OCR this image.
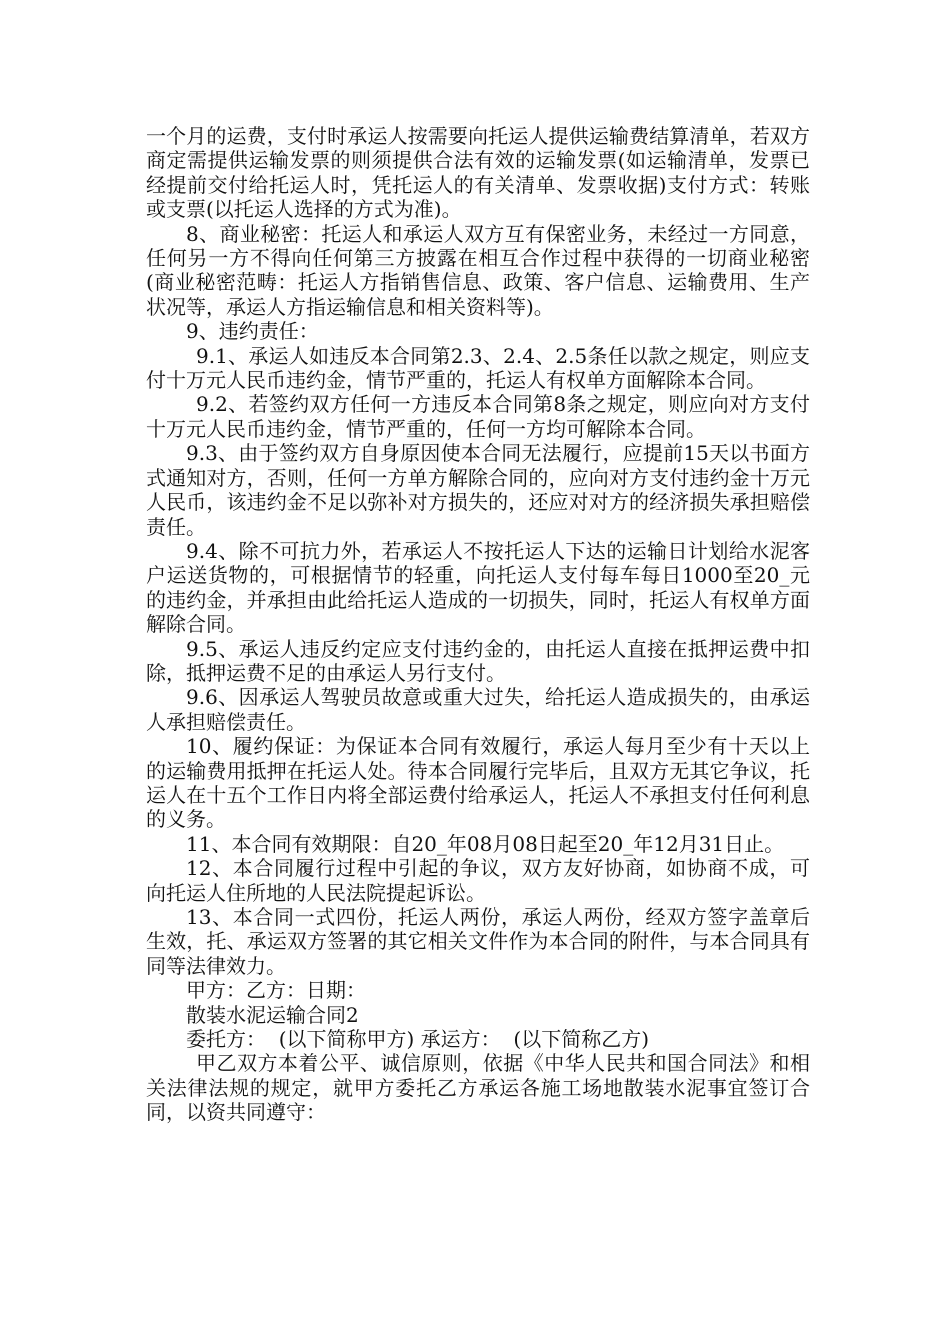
一个月的运费，支付时承运人按需要向托运人提供运输费结算清单，若双方商定需提供运输发票的则须提供合法有效的运输发票(如运输清单，发票已经提前交付给托运人时，凭托运人的有关清单、发票收据)支付方式：转账或支票(以托运人选择的方式为准)。

8、商业秘密：托运人和承运人双方互有保密业务，未经过一方同意，任何另一方不得向任何第三方披露在相互合作过程中获得的一切商业秘密(商业秘密范畴：托运人方指销售信息、政策、客户信息、运输费用、生产状况等，承运人方指运输信息和相关资料等)。

9、违约责任：

9.1、承运人如违反本合同第2.3、2.4、2.5条任以款之规定，则应支付十万元人民币违约金，情节严重的，托运人有权单方面解除本合同。

9.2、若签约双方任何一方违反本合同第8条之规定，则应向对方支付十万元人民币违约金，情节严重的，任何一方均可解除本合同。

9.3、由于签约双方自身原因使本合同无法履行，应提前15天以书面方式通知对方，否则，任何一方单方解除合同的，应向对方支付违约金十万元人民币，该违约金不足以弥补对方损失的，还应对对方的经济损失承担赔偿责任。

9.4、除不可抗力外，若承运人不按托运人下达的运输日计划给水泥客户运送货物的，可根据情节的轻重，向托运人支付每车每日1000至20_元的违约金，并承担由此给托运人造成的一切损失，同时，托运人有权单方面解除合同。

9.5、承运人违反约定应支付违约金的，由托运人直接在抵押运费中扣除，抵押运费不足的由承运人另行支付。

9.6、因承运人驾驶员故意或重大过失，给托运人造成损失的，由承运人承担赔偿责任。

10、履约保证：为保证本合同有效履行，承运人每月至少有十天以上的运输费用抵押在托运人处。待本合同履行完毕后，且双方无其它争议，托运人在十五个工作日内将全部运费付给承运人，托运人不承担支付任何利息的义务。

11、本合同有效期限：自20_年08月08日起至20_年12月31日止。

12、本合同履行过程中引起的争议，双方友好协商，如协商不成，可向托运人住所地的人民法院提起诉讼。

13、本合同一式四份，托运人两份，承运人两份，经双方签字盖章后生效，托、承运双方签署的其它相关文件作为本合同的附件，与本合同具有同等法律效力。

甲方：乙方：日期：

散装水泥运输合同2

委托方：  (以下简称甲方) 承运方：  (以下简称乙方)

甲乙双方本着公平、诚信原则，依据《中华人民共和国合同法》和相关法律法规的规定，就甲方委托乙方承运各施工场地散装水泥事宜签订合同，以资共同遵守：
